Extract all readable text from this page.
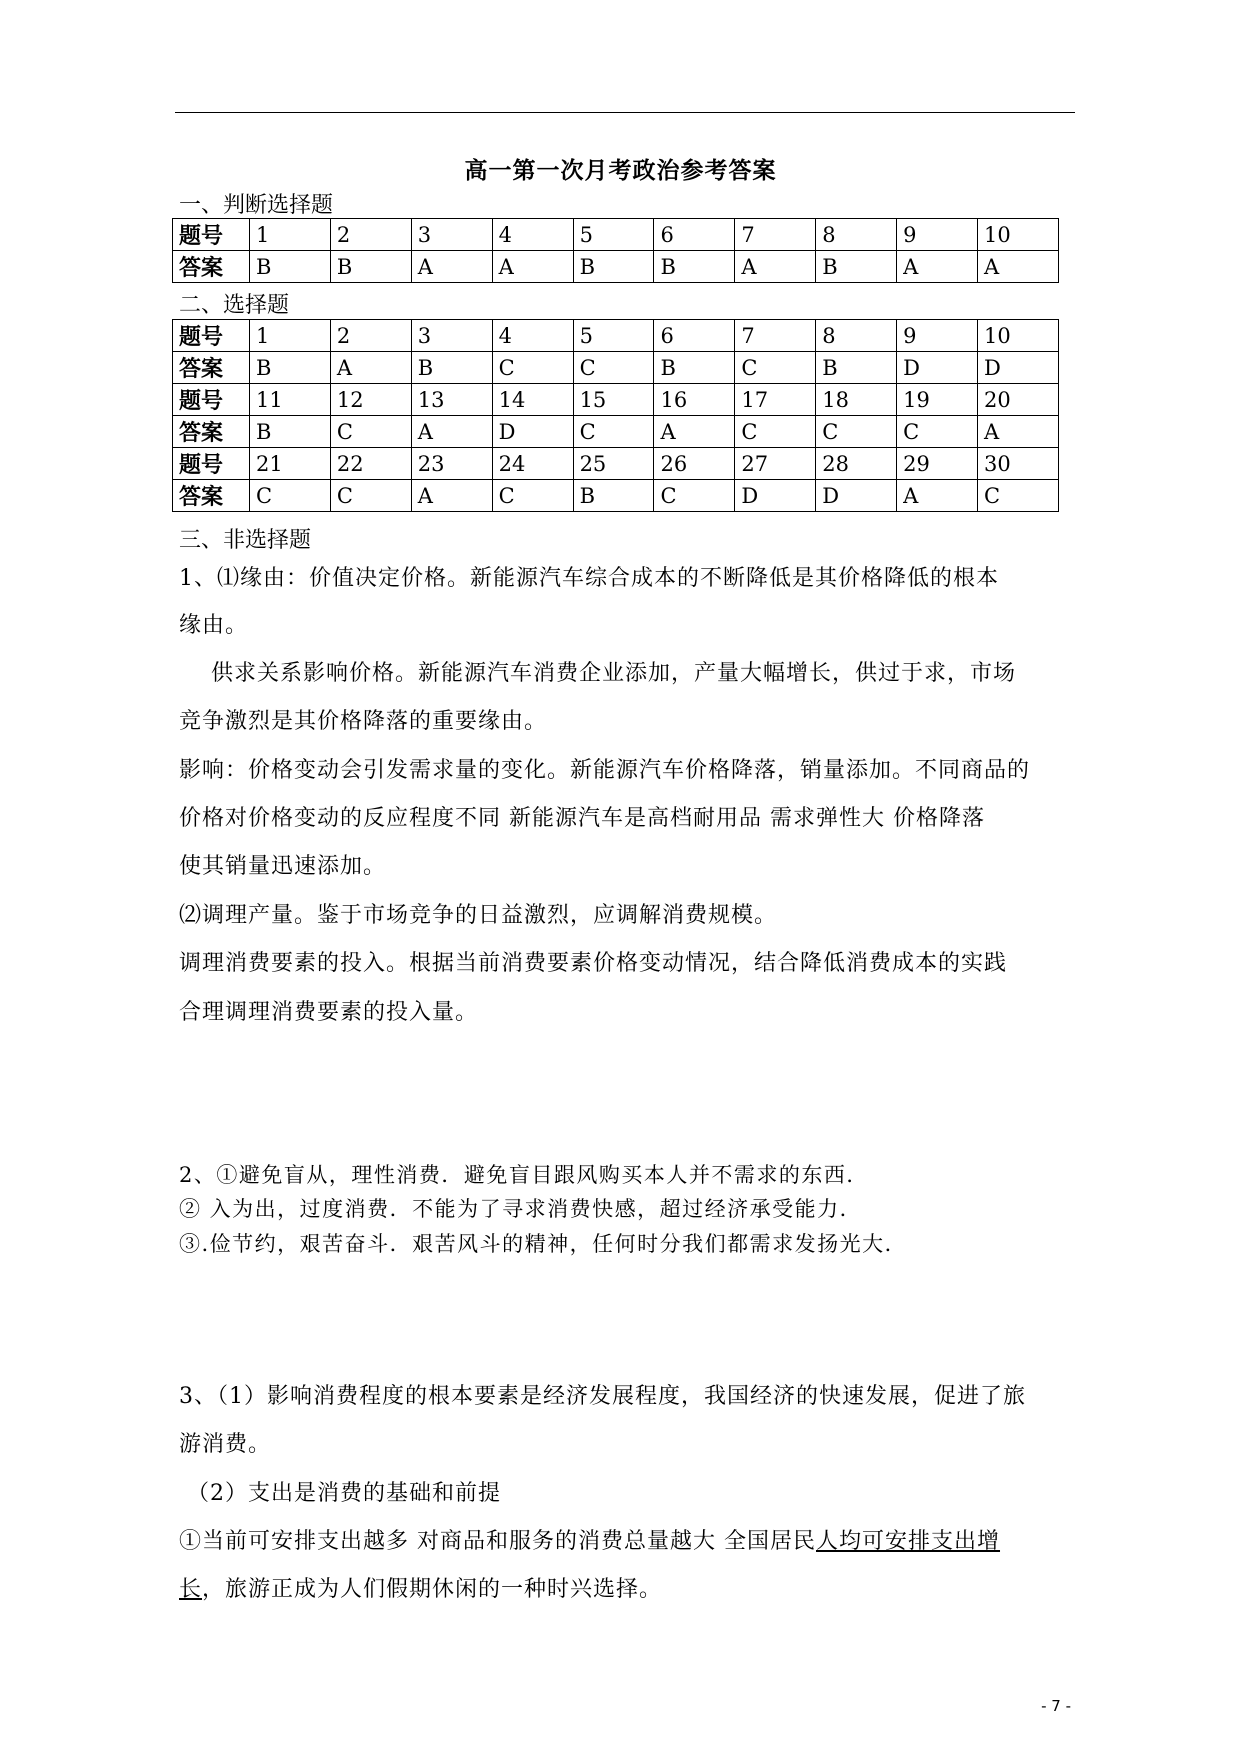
高一第一次月考政治参考答案
一、判断选择题
题号	1	2	3	4	5	6	7	8	9	10
答案	B	B	A	A	B	B	A	B	A	A
二、选择题
题号	1	2	3	4	5	6	7	8	9	10
答案	B	A	B	C	C	B	C	B	D	D
题号	11	12	13	14	15	16	17	18	19	20
答案	B	C	A	D	C	A	C	C	C	A
题号	21	22	23	24	25	26	27	28	29	30
答案	C	C	A	C	B	C	D	D	A	C
三、非选择题
1、⑴缘由：价值决定价格。新能源汽车综合成本的不断降低是其价格降低的根本
缘由。
供求关系影响价格。新能源汽车消费企业添加，产量大幅增长，供过于求，市场
竞争激烈是其价格降落的重要缘由。
影响：价格变动会引发需求量的变化。新能源汽车价格降落，销量添加。不同商品的
价格对价格变动的反应程度不同 新能源汽车是高档耐用品 需求弹性大 价格降落
使其销量迅速添加。
⑵调理产量。鉴于市场竞争的日益激烈，应调解消费规模。
调理消费要素的投入。根据当前消费要素价格变动情况，结合降低消费成本的实践
合理调理消费要素的投入量。
2、①避免盲从，理性消费．避免盲目跟风购买本人并不需求的东西．
② 入为出，过度消费．不能为了寻求消费快感，超过经济承受能力．
③.俭节约，艰苦奋斗．艰苦风斗的精神，任何时分我们都需求发扬光大．
3、（1）影响消费程度的根本要素是经济发展程度，我国经济的快速发展，促进了旅
游消费。
（2）支出是消费的基础和前提
①当前可安排支出越多 对商品和服务的消费总量越大 全国居民人均可安排支出增
长，旅游正成为人们假期休闲的一种时兴选择。
- 7 -
